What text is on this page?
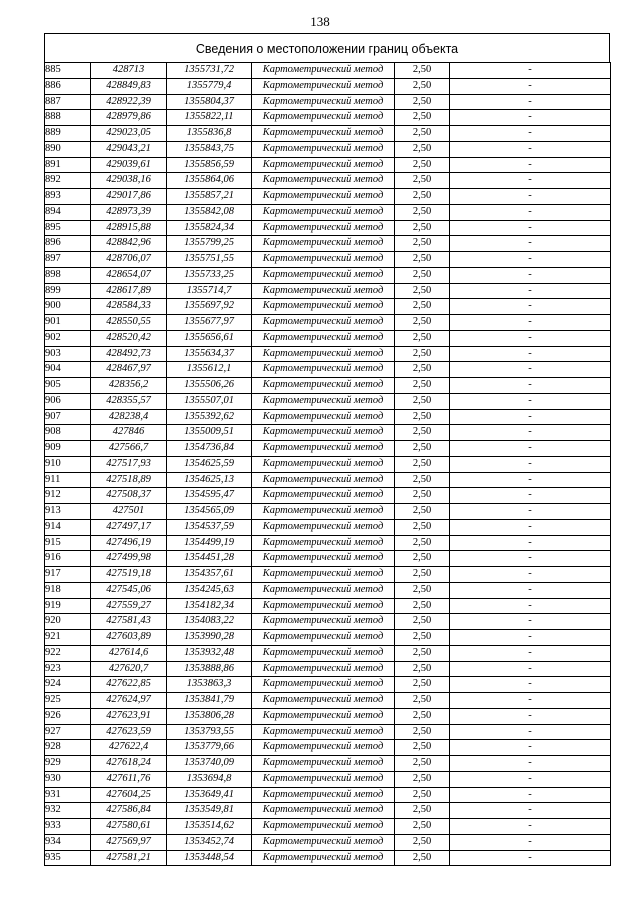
138
Сведения о местоположении границ объекта
885	428713	1355731,72	Картометрический метод	2,50	-
886	428849,83	1355779,4	Картометрический метод	2,50	-
887	428922,39	1355804,37	Картометрический метод	2,50	-
888	428979,86	1355822,11	Картометрический метод	2,50	-
889	429023,05	1355836,8	Картометрический метод	2,50	-
890	429043,21	1355843,75	Картометрический метод	2,50	-
891	429039,61	1355856,59	Картометрический метод	2,50	-
892	429038,16	1355864,06	Картометрический метод	2,50	-
893	429017,86	1355857,21	Картометрический метод	2,50	-
894	428973,39	1355842,08	Картометрический метод	2,50	-
895	428915,88	1355824,34	Картометрический метод	2,50	-
896	428842,96	1355799,25	Картометрический метод	2,50	-
897	428706,07	1355751,55	Картометрический метод	2,50	-
898	428654,07	1355733,25	Картометрический метод	2,50	-
899	428617,89	1355714,7	Картометрический метод	2,50	-
900	428584,33	1355697,92	Картометрический метод	2,50	-
901	428550,55	1355677,97	Картометрический метод	2,50	-
902	428520,42	1355656,61	Картометрический метод	2,50	-
903	428492,73	1355634,37	Картометрический метод	2,50	-
904	428467,97	1355612,1	Картометрический метод	2,50	-
905	428356,2	1355506,26	Картометрический метод	2,50	-
906	428355,57	1355507,01	Картометрический метод	2,50	-
907	428238,4	1355392,62	Картометрический метод	2,50	-
908	427846	1355009,51	Картометрический метод	2,50	-
909	427566,7	1354736,84	Картометрический метод	2,50	-
910	427517,93	1354625,59	Картометрический метод	2,50	-
911	427518,89	1354625,13	Картометрический метод	2,50	-
912	427508,37	1354595,47	Картометрический метод	2,50	-
913	427501	1354565,09	Картометрический метод	2,50	-
914	427497,17	1354537,59	Картометрический метод	2,50	-
915	427496,19	1354499,19	Картометрический метод	2,50	-
916	427499,98	1354451,28	Картометрический метод	2,50	-
917	427519,18	1354357,61	Картометрический метод	2,50	-
918	427545,06	1354245,63	Картометрический метод	2,50	-
919	427559,27	1354182,34	Картометрический метод	2,50	-
920	427581,43	1354083,22	Картометрический метод	2,50	-
921	427603,89	1353990,28	Картометрический метод	2,50	-
922	427614,6	1353932,48	Картометрический метод	2,50	-
923	427620,7	1353888,86	Картометрический метод	2,50	-
924	427622,85	1353863,3	Картометрический метод	2,50	-
925	427624,97	1353841,79	Картометрический метод	2,50	-
926	427623,91	1353806,28	Картометрический метод	2,50	-
927	427623,59	1353793,55	Картометрический метод	2,50	-
928	427622,4	1353779,66	Картометрический метод	2,50	-
929	427618,24	1353740,09	Картометрический метод	2,50	-
930	427611,76	1353694,8	Картометрический метод	2,50	-
931	427604,25	1353649,41	Картометрический метод	2,50	-
932	427586,84	1353549,81	Картометрический метод	2,50	-
933	427580,61	1353514,62	Картометрический метод	2,50	-
934	427569,97	1353452,74	Картометрический метод	2,50	-
935	427581,21	1353448,54	Картометрический метод	2,50	-
